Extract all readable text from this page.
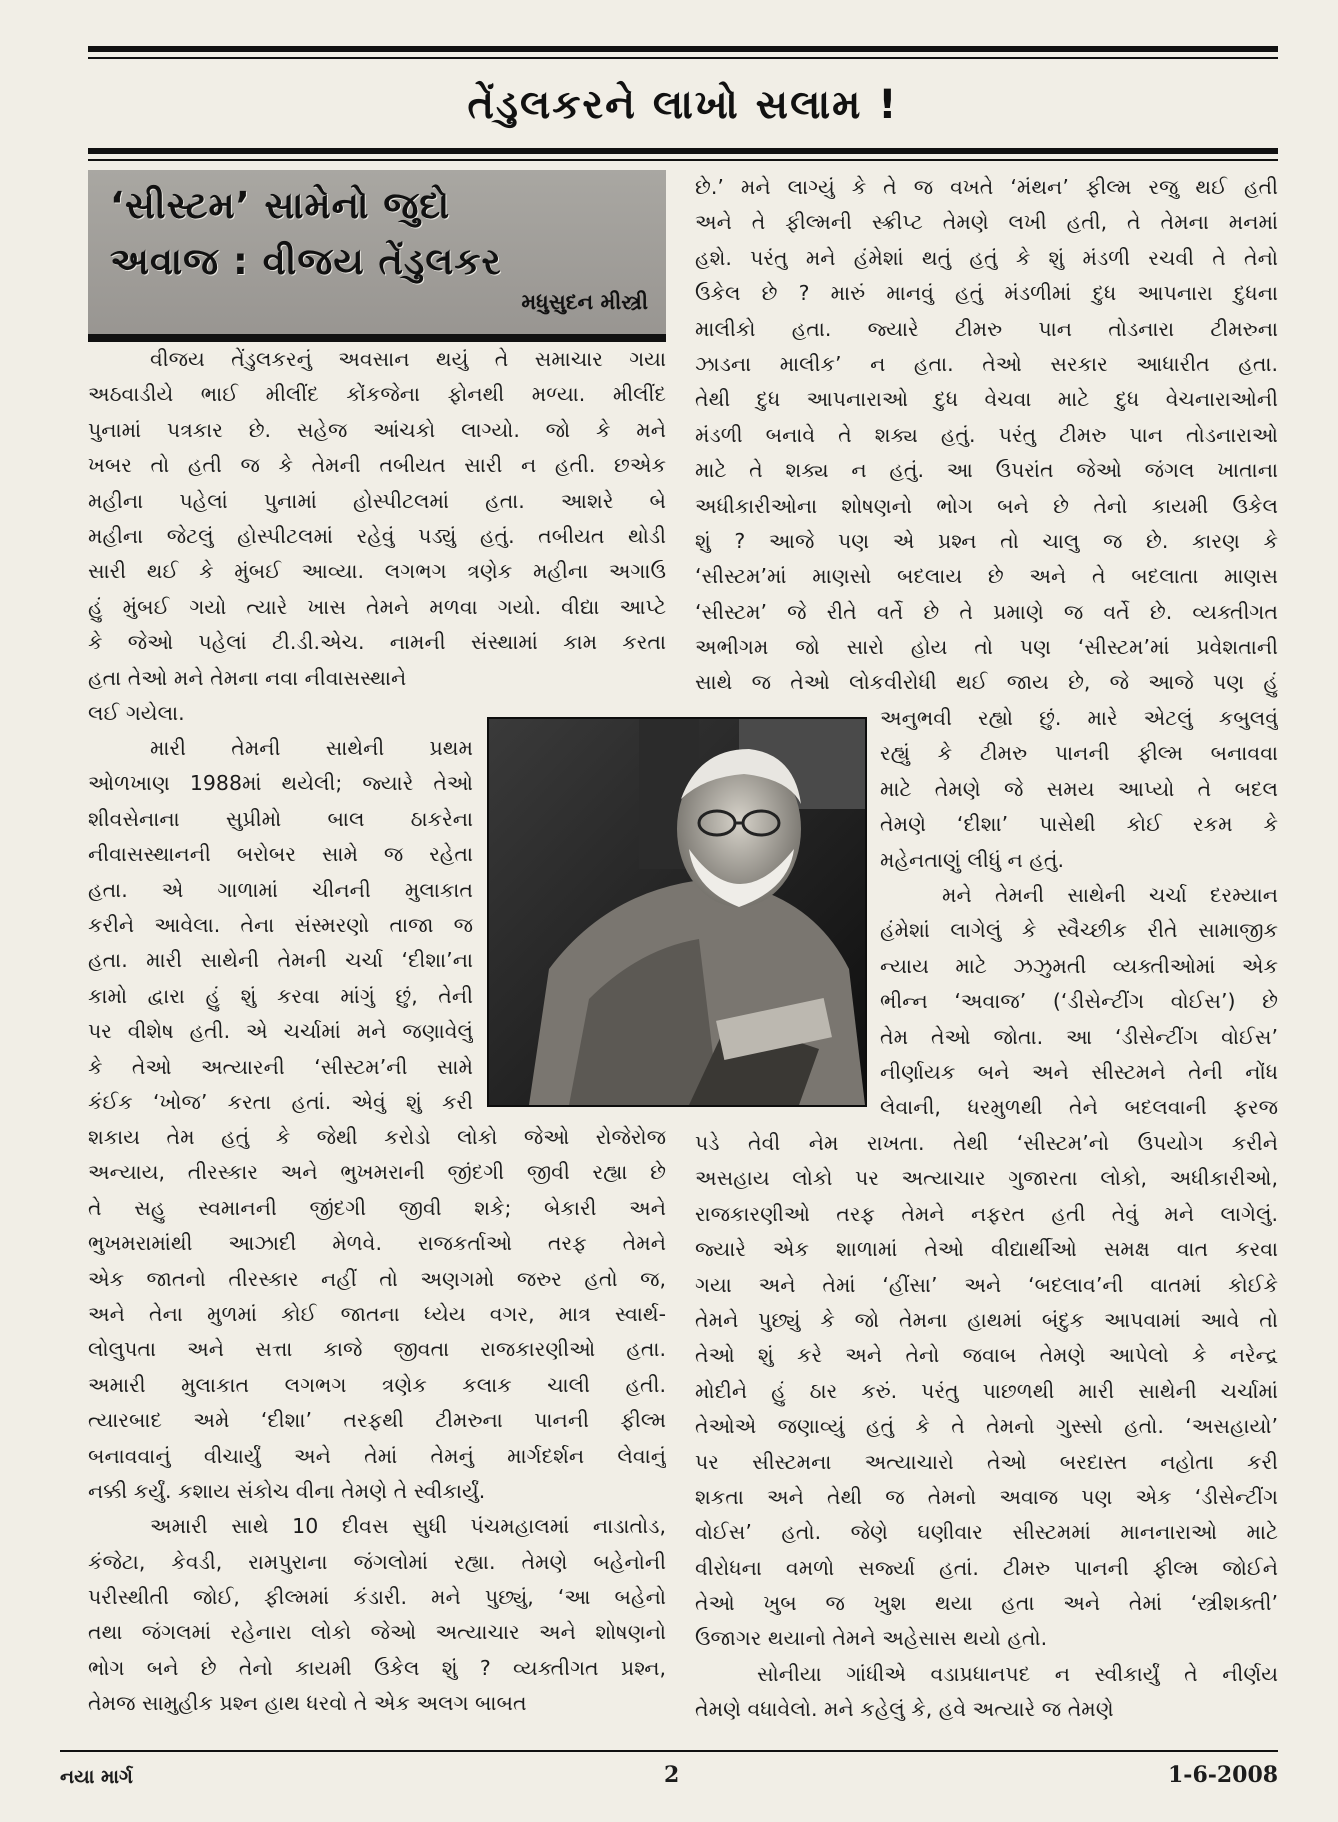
તેંડુલકરને લાખો સલામ !
‘સીસ્ટમ’ સામેનો જુદો
અવાજ : વીજય તેંડુલકર
મધુસુદન મીસ્ત્રી
વીજય તેંડુલકરનું અવસાન થયું તે સમાચાર ગયા
અઠવાડીયે ભાઈ મીલીંદ કોંકજેના ફોનથી મળ્યા. મીલીંદ
પુનામાં પત્રકાર છે. સહેજ આંચકો લાગ્યો. જો કે મને
ખબર તો હતી જ કે તેમની તબીયત સારી ન હતી. છએક
મહીના પહેલાં પુનામાં હોસ્પીટલમાં હતા. આશરે બે
મહીના જેટલું હોસ્પીટલમાં રહેવું પડ્યું હતું. તબીયત થોડી
સારી થઈ કે મુંબઈ આવ્યા. લગભગ ત્રણેક મહીના અગાઉ
હું મુંબઈ ગયો ત્યારે ખાસ તેમને મળવા ગયો. વીદ્યા આપ્ટે
કે જેઓ પહેલાં ટી.ડી.એચ. નામની સંસ્થામાં કામ કરતા
હતા તેઓ મને તેમના નવા નીવાસસ્થાને
લઈ ગયેલા.
મારી તેમની સાથેની પ્રથમ
ઓળખાણ 1988માં થયેલી; જ્યારે તેઓ
શીવસેનાના સુપ્રીમો બાલ ઠાકરેના
નીવાસસ્થાનની બરોબર સામે જ રહેતા
હતા. એ ગાળામાં ચીનની મુલાકાત
કરીને આવેલા. તેના સંસ્મરણો તાજા જ
હતા. મારી સાથેની તેમની ચર્ચા ‘દીશા’ના
કામો દ્વારા હું શું કરવા માંગું છું, તેની
પર વીશેષ હતી. એ ચર્ચામાં મને જણાવેલું
કે તેઓ અત્યારની ‘સીસ્ટમ’ની સામે
કંઈક ‘ખોજ’ કરતા હતાં. એવું શું કરી
શકાય તેમ હતું કે જેથી કરોડો લોકો જેઓ રોજેરોજ
અન્યાય, તીરસ્કાર અને ભુખમરાની જીંદગી જીવી રહ્યા છે
તે સહુ સ્વમાનની જીંદગી જીવી શકે; બેકારી અને
ભુખમરામાંથી આઝાદી મેળવે. રાજકર્તાઓ તરફ તેમને
એક જાતનો તીરસ્કાર નહીં તો અણગમો જરુર હતો જ,
અને તેના મુળમાં કોઈ જાતના ધ્યેય વગર, માત્ર સ્વાર્થ-
લોલુપતા અને સત્તા કાજે જીવતા રાજકારણીઓ હતા.
અમારી મુલાકાત લગભગ ત્રણેક કલાક ચાલી હતી.
ત્યારબાદ અમે ‘દીશા’ તરફથી ટીમરુના પાનની ફીલ્મ
બનાવવાનું વીચાર્યું અને તેમાં તેમનું માર્ગદર્શન લેવાનું
નક્કી કર્યું. કશાય સંકોચ વીના તેમણે તે સ્વીકાર્યું.
અમારી સાથે 10 દીવસ સુધી પંચમહાલમાં નાડાતોડ,
કંજેટા, કેવડી, રામપુરાના જંગલોમાં રહ્યા. તેમણે બહેનોની
પરીસ્થીતી જોઈ, ફીલ્મમાં કંડારી. મને પુછ્યું, ‘આ બહેનો
તથા જંગલમાં રહેનારા લોકો જેઓ અત્યાચાર અને શોષણનો
ભોગ બને છે તેનો કાયમી ઉકેલ શું ? વ્યક્તીગત પ્રશ્ન,
તેમજ સામુહીક પ્રશ્ન હાથ ધરવો તે એક અલગ બાબત
છે.’ મને લાગ્યું કે તે જ વખતે ‘મંથન’ ફીલ્મ રજુ થઈ હતી
અને તે ફીલ્મની સ્ક્રીપ્ટ તેમણે લખી હતી, તે તેમના મનમાં
હશે. પરંતુ મને હંમેશાં થતું હતું કે શું મંડળી રચવી તે તેનો
ઉકેલ છે ? મારું માનવું હતું મંડળીમાં દુધ આપનારા દુધના
માલીકો હતા. જ્યારે ટીમરુ પાન તોડનારા ટીમરુના
ઝાડના માલીક’ ન હતા. તેઓ સરકાર આધારીત હતા.
તેથી દુધ આપનારાઓ દુધ વેચવા માટે દુધ વેચનારાઓની
મંડળી બનાવે તે શક્ય હતું. પરંતુ ટીમરુ પાન તોડનારાઓ
માટે તે શક્ય ન હતું. આ ઉપરાંત જેઓ જંગલ ખાતાના
અધીકારીઓના શોષણનો ભોગ બને છે તેનો કાયમી ઉકેલ
શું ? આજે પણ એ પ્રશ્ન તો ચાલુ જ છે. કારણ કે
‘સીસ્ટમ’માં માણસો બદલાય છે અને તે બદલાતા માણસ
‘સીસ્ટમ’ જે રીતે વર્તે છે તે પ્રમાણે જ વર્તે છે. વ્યક્તીગત
અભીગમ જો સારો હોય તો પણ ‘સીસ્ટમ’માં પ્રવેશતાની
સાથે જ તેઓ લોકવીરોધી થઈ જાય છે, જે આજે પણ હું
અનુભવી રહ્યો છું. મારે એટલું કબુલવું
રહ્યું કે ટીમરુ પાનની ફીલ્મ બનાવવા
માટે તેમણે જે સમય આપ્યો તે બદલ
તેમણે ‘દીશા’ પાસેથી કોઈ રકમ કે
મહેનતાણું લીધું ન હતું.
મને તેમની સાથેની ચર્ચા દરમ્યાન
હંમેશાં લાગેલું કે સ્વૈચ્છીક રીતે સામાજીક
ન્યાય માટે ઝઝુમતી વ્યક્તીઓમાં એક
ભીન્ન ‘અવાજ’ (‘ડીસેન્ટીંગ વોઈસ’) છે
તેમ તેઓ જોતા. આ ‘ડીસેન્ટીંગ વોઈસ’
નીર્ણાયક બને અને સીસ્ટમને તેની નોંધ
લેવાની, ધરમુળથી તેને બદલવાની ફરજ
પડે તેવી નેમ રાખતા. તેથી ‘સીસ્ટમ’નો ઉપયોગ કરીને
અસહાય લોકો પર અત્યાચાર ગુજારતા લોકો, અધીકારીઓ,
રાજકારણીઓ તરફ તેમને નફરત હતી તેવું મને લાગેલું.
જ્યારે એક શાળામાં તેઓ વીદ્યાર્થીઓ સમક્ષ વાત કરવા
ગયા અને તેમાં ‘હીંસા’ અને ‘બદલાવ’ની વાતમાં કોઈકે
તેમને પુછ્યું કે જો તેમના હાથમાં બંદુક આપવામાં આવે તો
તેઓ શું કરે અને તેનો જવાબ તેમણે આપેલો કે નરેન્દ્ર
મોદીને હું ઠાર કરું. પરંતુ પાછળથી મારી સાથેની ચર્ચામાં
તેઓએ જણાવ્યું હતું કે તે તેમનો ગુસ્સો હતો. ‘અસહાયો’
પર સીસ્ટમના અત્યાચારો તેઓ બરદાસ્ત નહોતા કરી
શકતા અને તેથી જ તેમનો અવાજ પણ એક ‘ડીસેન્ટીંગ
વોઈસ’ હતો. જેણે ઘણીવાર સીસ્ટમમાં માનનારાઓ માટે
વીરોધના વમળો સર્જ્યા હતાં. ટીમરુ પાનની ફીલ્મ જોઈને
તેઓ ખુબ જ ખુશ થયા હતા અને તેમાં ‘સ્ત્રીશક્તી’
ઉજાગર થયાનો તેમને અહેસાસ થયો હતો.
સોનીયા ગાંધીએ વડાપ્રધાનપદ ન સ્વીકાર્યું તે નીર્ણય
તેમણે વધાવેલો. મને કહેલું કે, હવે અત્યારે જ તેમણે
નયા માર્ગ	2	1-6-2008
